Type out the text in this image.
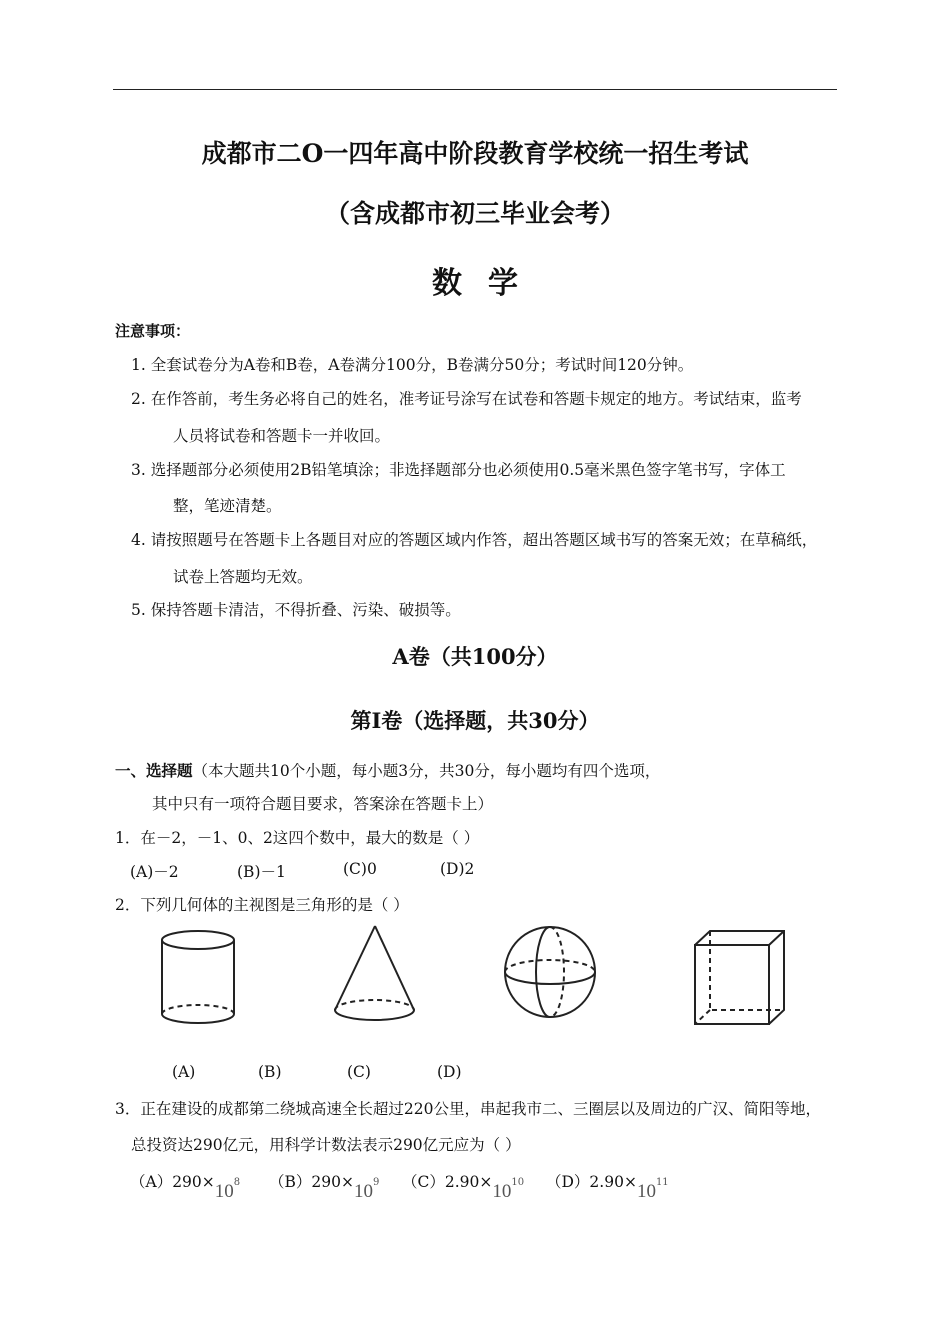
成都市二O一四年高中阶段教育学校统一招生考试
（含成都市初三毕业会考）
数学
注意事项：
1. 全套试卷分为A卷和B卷，A卷满分100分，B卷满分50分；考试时间120分钟。
2. 在作答前，考生务必将自己的姓名，准考证号涂写在试卷和答题卡规定的地方。考试结束，监考
人员将试卷和答题卡一并收回。
3. 选择题部分必须使用2B铅笔填涂；非选择题部分也必须使用0.5毫米黑色签字笔书写，字体工
整，笔迹清楚。
4. 请按照题号在答题卡上各题目对应的答题区域内作答，超出答题区域书写的答案无效；在草稿纸，
试卷上答题均无效。
5. 保持答题卡清洁，不得折叠、污染、破损等。
A卷（共100分）
第I卷（选择题，共30分）
一、选择题（本大题共10个小题，每小题3分，共30分，每小题均有四个选项，
其中只有一项符合题目要求，答案涂在答题卡上）
1．在－2，－1、0、2这四个数中，最大的数是（ ）
(A)－2	(B)－1	(C)0	(D)2
2．下列几何体的主视图是三角形的是（ ）
(A)	(B)	(C)	(D)
3．正在建设的成都第二绕城高速全长超过220公里，串起我市二、三圈层以及周边的广汉、简阳等地，
总投资达290亿元，用科学计数法表示290亿元应为（ ）
$(A)290\times 10^8$ $(B)290\times 10^9$ $(C)2.90\times 10^{10}$ $(D)2.90\times 10^{11}$
